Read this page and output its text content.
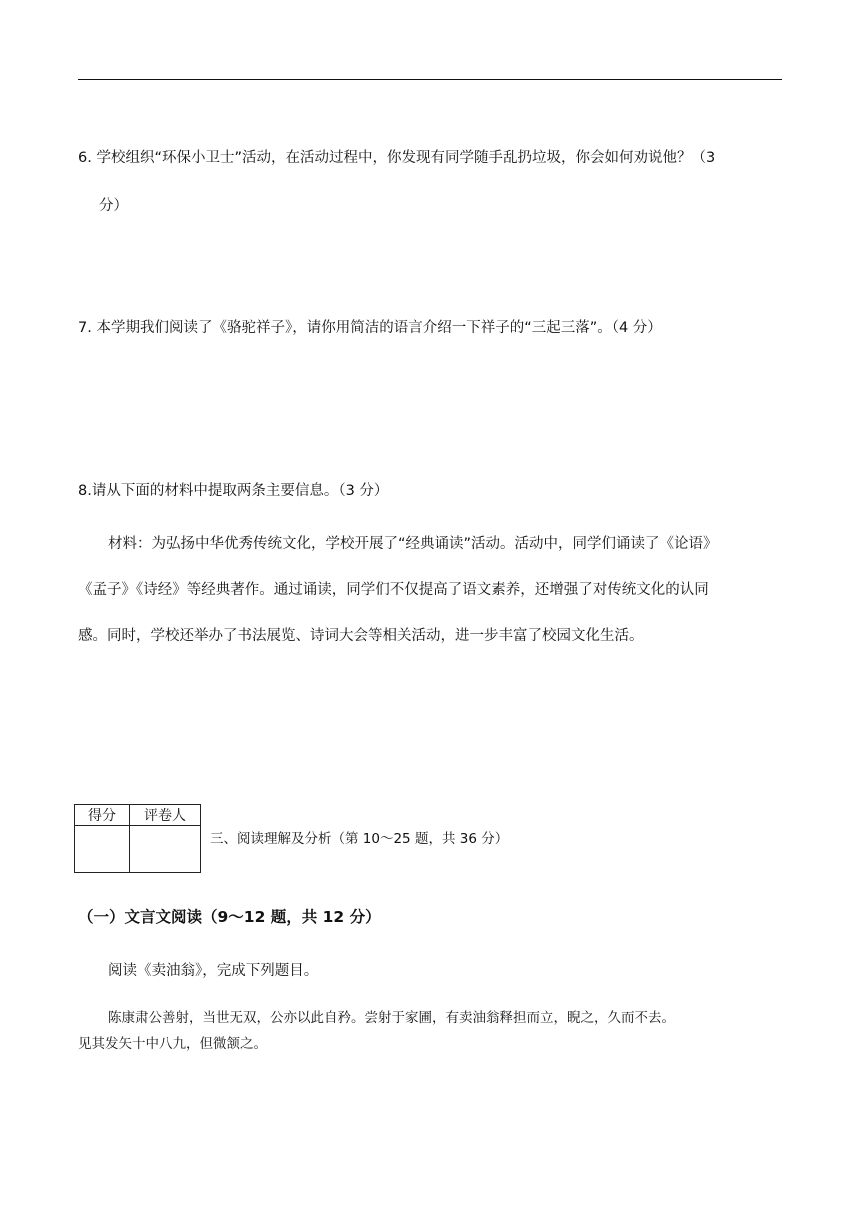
6. 学校组织“环保小卫士”活动，在活动过程中，你发现有同学随手乱扔垃圾，你会如何劝说他？（3
分）
7. 本学期我们阅读了《骆驼祥子》，请你用简洁的语言介绍一下祥子的“三起三落”。（4 分）
8.请从下面的材料中提取两条主要信息。（3 分）
材料：为弘扬中华优秀传统文化，学校开展了“经典诵读”活动。活动中，同学们诵读了《论语》
《孟子》《诗经》等经典著作。通过诵读，同学们不仅提高了语文素养，还增强了对传统文化的认同
感。同时，学校还举办了书法展览、诗词大会等相关活动，进一步丰富了校园文化生活。
得分	评卷人

三、阅读理解及分析（第 10～25 题，共 36 分）
（一）文言文阅读（9～12 题，共 12 分）
阅读《卖油翁》，完成下列题目。
陈康肃公善射，当世无双，公亦以此自矜。尝射于家圃，有卖油翁释担而立，睨之，久而不去。
见其发矢十中八九，但微颔之。
